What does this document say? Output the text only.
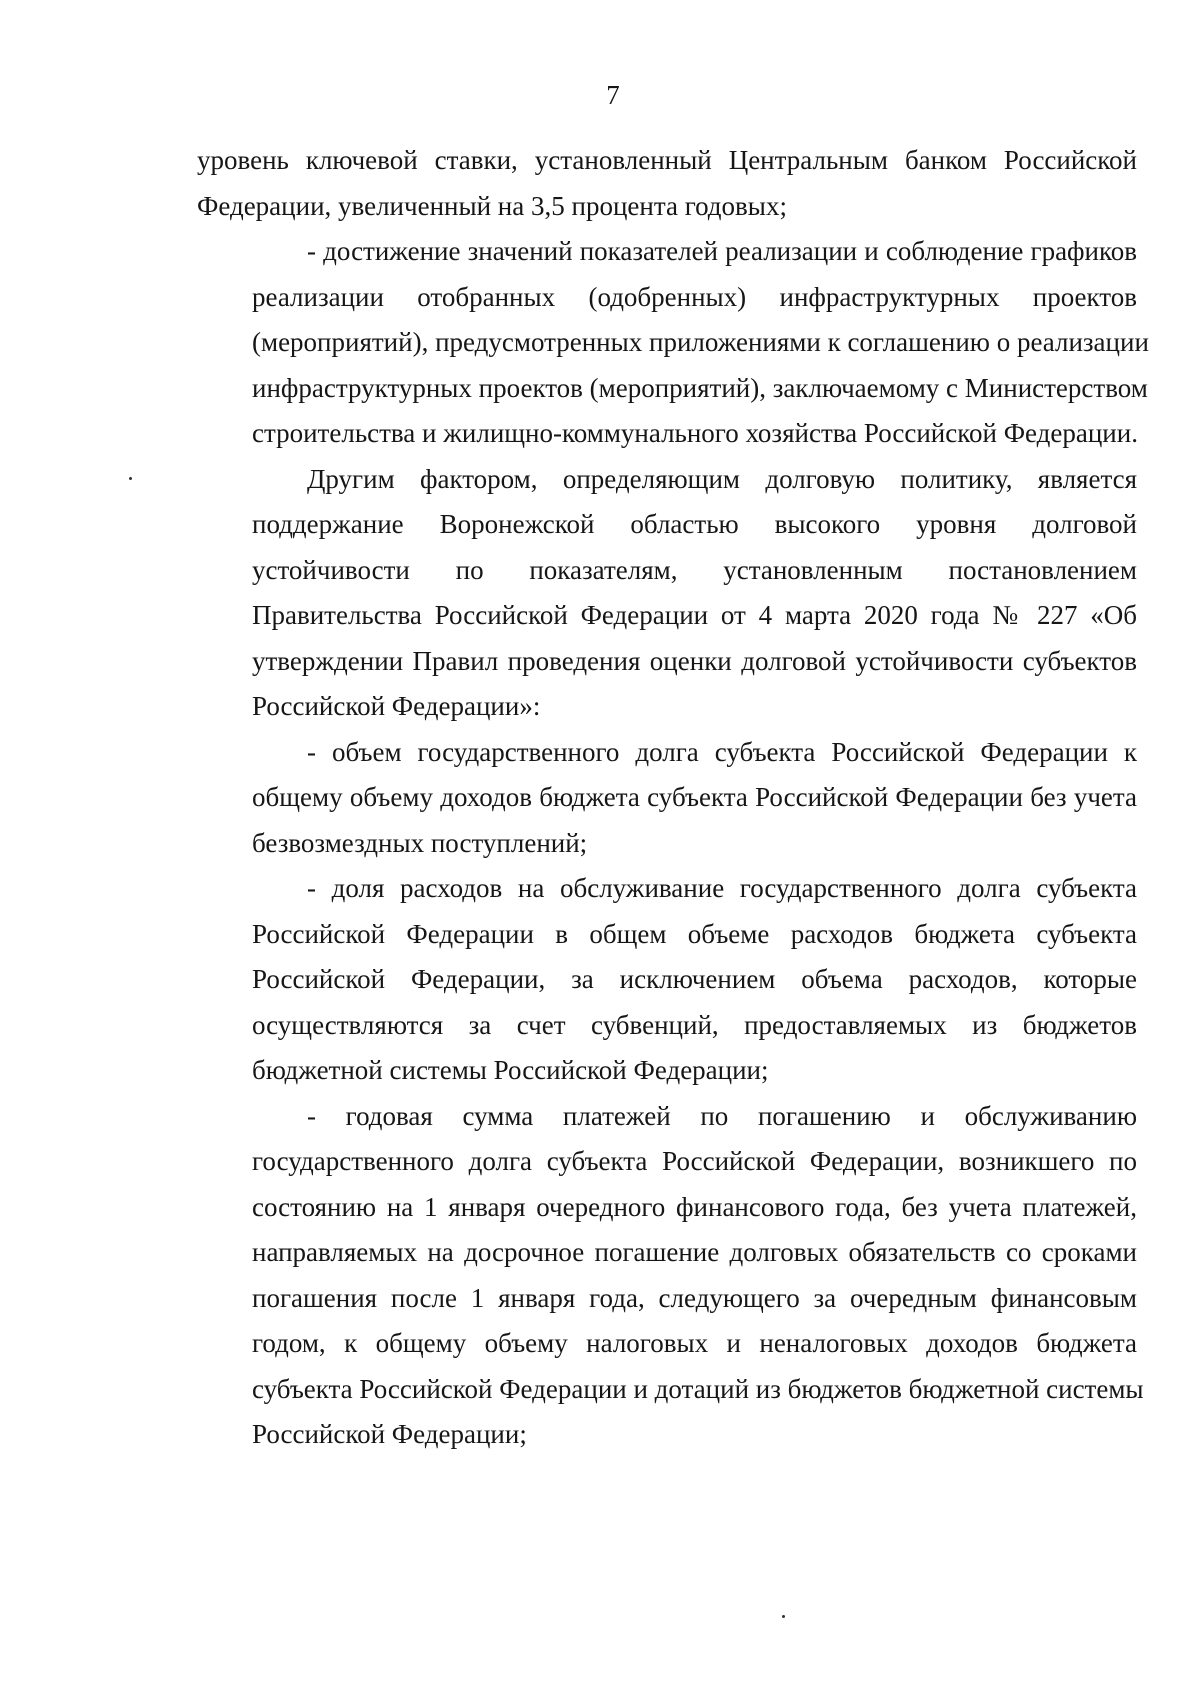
7
уровень ключевой ставки, установленный Центральным банком Российской
Федерации, увеличенный на 3,5 процента годовых;
- достижение значений показателей реализации и соблюдение графиков
реализации отобранных (одобренных) инфраструктурных проектов
(мероприятий), предусмотренных приложениями к соглашению о реализации
инфраструктурных проектов (мероприятий), заключаемому с Министерством
строительства и жилищно-коммунального хозяйства Российской Федерации.
Другим фактором, определяющим долговую политику, является
поддержание Воронежской областью высокого уровня долговой
устойчивости по показателям, установленным постановлением
Правительства Российской Федерации от 4 марта 2020 года № 227 «Об
утверждении Правил проведения оценки долговой устойчивости субъектов
Российской Федерации»:
- объем государственного долга субъекта Российской Федерации к
общему объему доходов бюджета субъекта Российской Федерации без учета
безвозмездных поступлений;
- доля расходов на обслуживание государственного долга субъекта
Российской Федерации в общем объеме расходов бюджета субъекта
Российской Федерации, за исключением объема расходов, которые
осуществляются за счет субвенций, предоставляемых из бюджетов
бюджетной системы Российской Федерации;
- годовая сумма платежей по погашению и обслуживанию
государственного долга субъекта Российской Федерации, возникшего по
состоянию на 1 января очередного финансового года, без учета платежей,
направляемых на досрочное погашение долговых обязательств со сроками
погашения после 1 января года, следующего за очередным финансовым
годом, к общему объему налоговых и неналоговых доходов бюджета
субъекта Российской Федерации и дотаций из бюджетов бюджетной системы
Российской Федерации;
